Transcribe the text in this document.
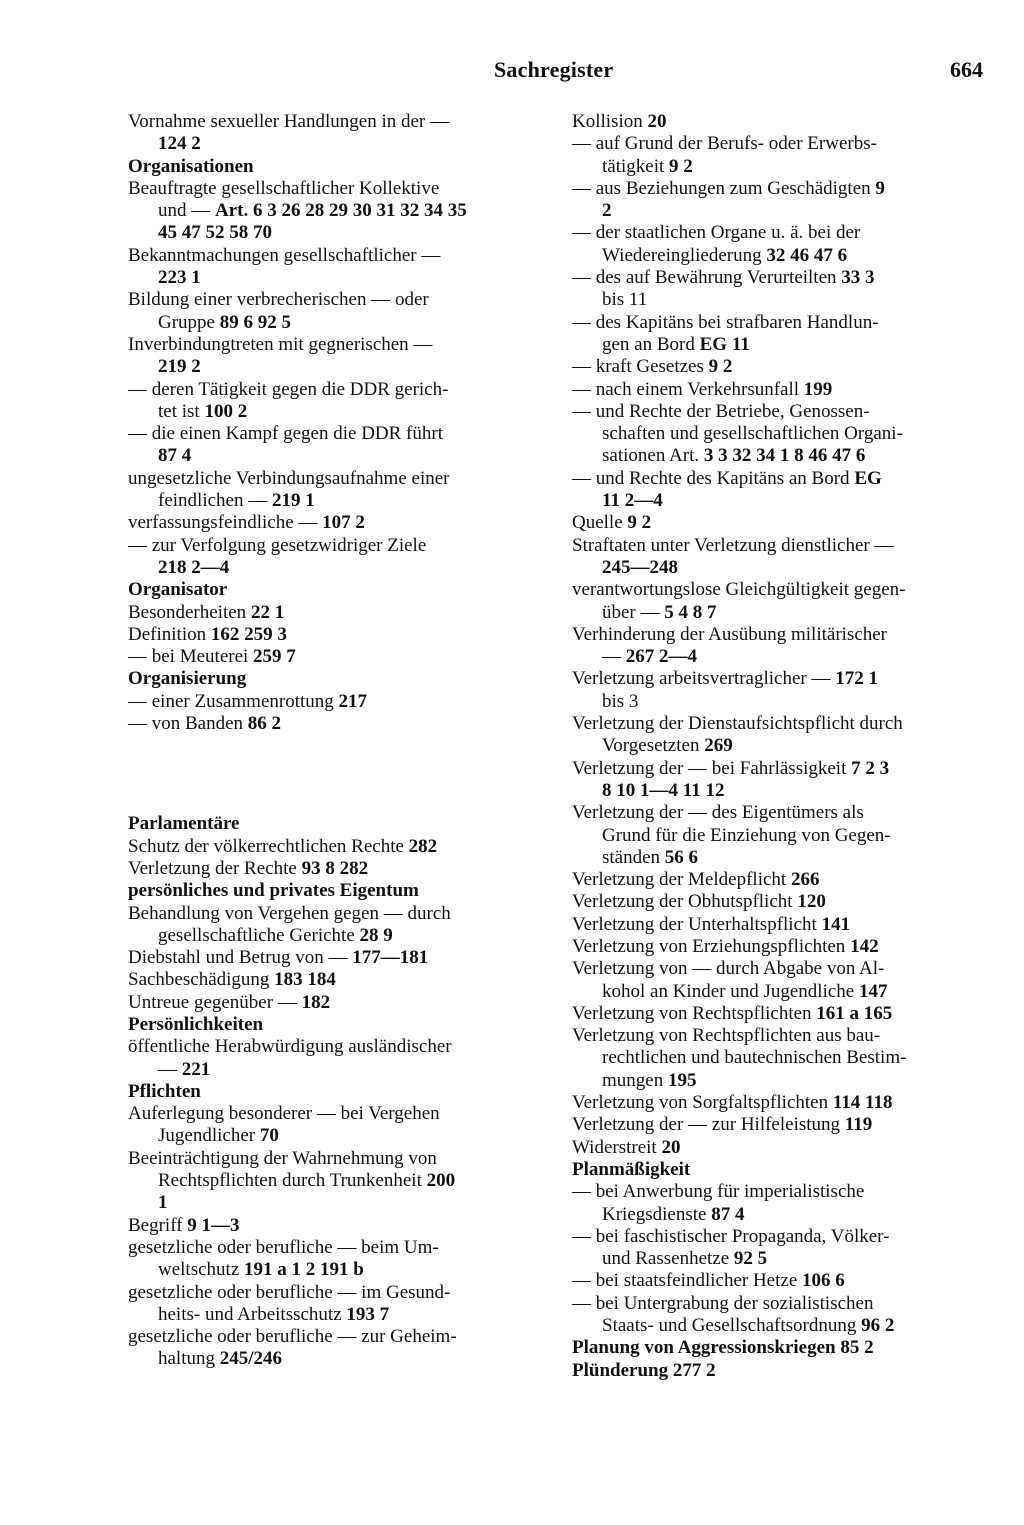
Sachregister	664
Vornahme sexueller Handlungen in der —
124 2
Organisationen
Beauftragte gesellschaftlicher Kollektive
und — Art. 6 3 26 28 29 30 31 32 34 35
45 47 52 58 70
Bekanntmachungen gesellschaftlicher —
223 1
Bildung einer verbrecherischen — oder
Gruppe 89 6 92 5
Inverbindungtreten mit gegnerischen —
219 2
— deren Tätigkeit gegen die DDR gerich-
tet ist 100 2
— die einen Kampf gegen die DDR führt
87 4
ungesetzliche Verbindungsaufnahme einer
feindlichen — 219 1
verfassungsfeindliche — 107 2
— zur Verfolgung gesetzwidriger Ziele
218 2—4
Organisator
Besonderheiten 22 1
Definition 162 259 3
— bei Meuterei 259 7
Organisierung
— einer Zusammenrottung 217
— von Banden 86 2
Parlamentäre
Schutz der völkerrechtlichen Rechte 282
Verletzung der Rechte 93 8 282
persönliches und privates Eigentum
Behandlung von Vergehen gegen — durch
gesellschaftliche Gerichte 28 9
Diebstahl und Betrug von — 177—181
Sachbeschädigung 183 184
Untreue gegenüber — 182
Persönlichkeiten
öffentliche Herabwürdigung ausländischer
— 221
Pflichten
Auferlegung besonderer — bei Vergehen
Jugendlicher 70
Beeinträchtigung der Wahrnehmung von
Rechtspflichten durch Trunkenheit 200
1
Begriff 9 1—3
gesetzliche oder berufliche — beim Um-
weltschutz 191 a 1 2 191 b
gesetzliche oder berufliche — im Gesund-
heits- und Arbeitsschutz 193 7
gesetzliche oder berufliche — zur Geheim-
haltung 245/246
Kollision 20
— auf Grund der Berufs- oder Erwerbs-
tätigkeit 9 2
— aus Beziehungen zum Geschädigten 9
2
— der staatlichen Organe u. ä. bei der
Wiedereingliederung 32 46 47 6
— des auf Bewährung Verurteilten 33 3
bis 11
— des Kapitäns bei strafbaren Handlun-
gen an Bord EG 11
— kraft Gesetzes 9 2
— nach einem Verkehrsunfall 199
— und Rechte der Betriebe, Genossen-
schaften und gesellschaftlichen Organi-
sationen Art. 3 3 32 34 1 8 46 47 6
— und Rechte des Kapitäns an Bord EG
11 2—4
Quelle 9 2
Straftaten unter Verletzung dienstlicher —
245—248
verantwortungslose Gleichgültigkeit gegen-
über — 5 4 8 7
Verhinderung der Ausübung militärischer
— 267 2—4
Verletzung arbeitsvertraglicher — 172 1
bis 3
Verletzung der Dienstaufsichtspflicht durch
Vorgesetzten 269
Verletzung der — bei Fahrlässigkeit 7 2 3
8 10 1—4 11 12
Verletzung der — des Eigentümers als
Grund für die Einziehung von Gegen-
ständen 56 6
Verletzung der Meldepflicht 266
Verletzung der Obhutspflicht 120
Verletzung der Unterhaltspflicht 141
Verletzung von Erziehungspflichten 142
Verletzung von — durch Abgabe von Al-
kohol an Kinder und Jugendliche 147
Verletzung von Rechtspflichten 161 a 165
Verletzung von Rechtspflichten aus bau-
rechtlichen und bautechnischen Bestim-
mungen 195
Verletzung von Sorgfaltspflichten 114 118
Verletzung der — zur Hilfeleistung 119
Widerstreit 20
Planmäßigkeit
— bei Anwerbung für imperialistische
Kriegsdienste 87 4
— bei faschistischer Propaganda, Völker-
und Rassenhetze 92 5
— bei staatsfeindlicher Hetze 106 6
— bei Untergrabung der sozialistischen
Staats- und Gesellschaftsordnung 96 2
Planung von Aggressionskriegen 85 2
Plünderung 277 2
